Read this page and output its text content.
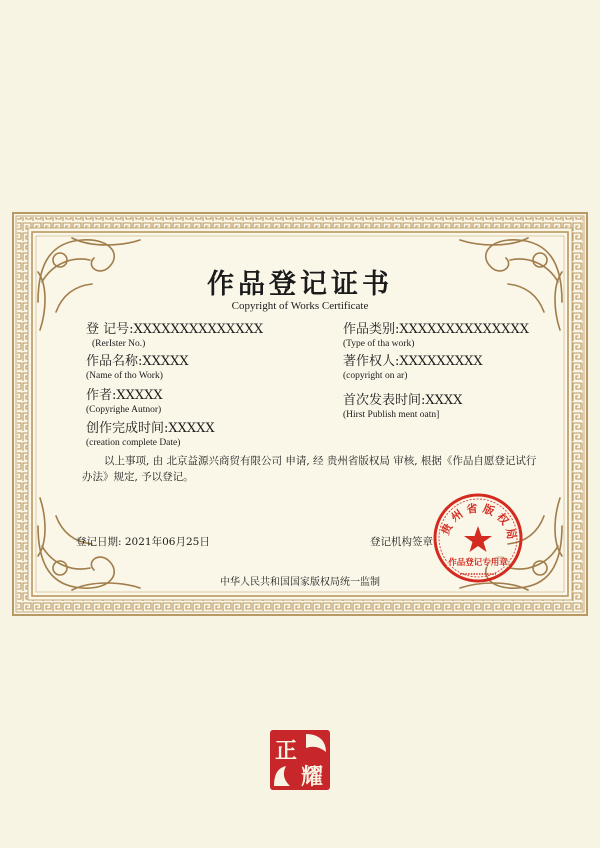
作品登记证书
Copyright of Works Certificate
登 记号:XXXXXXXXXXXXXX
(RerIster No.)
作品类别:XXXXXXXXXXXXXX
(Type of tha work)
作品名称:XXXXX
(Name of tho Work)
著作权人:XXXXXXXXX
(copyright on ar)
作者:XXXXX
(Copyrighe Autnor)
首次发表时间:XXXX
(Hirst Publish ment oatn]
创作完成时间:XXXXX
(creation complete Date)
以上事项, 由 北京益源兴商贸有限公司 申请, 经 贵州省版权局 审核, 根据《作品自愿登记试行办法》规定, 予以登记。
登记日期: 2021年06月25日	登记机构签章
中华人民共和国国家版权局统一监制
贵州省版权局
作品登记专用章
正
耀
